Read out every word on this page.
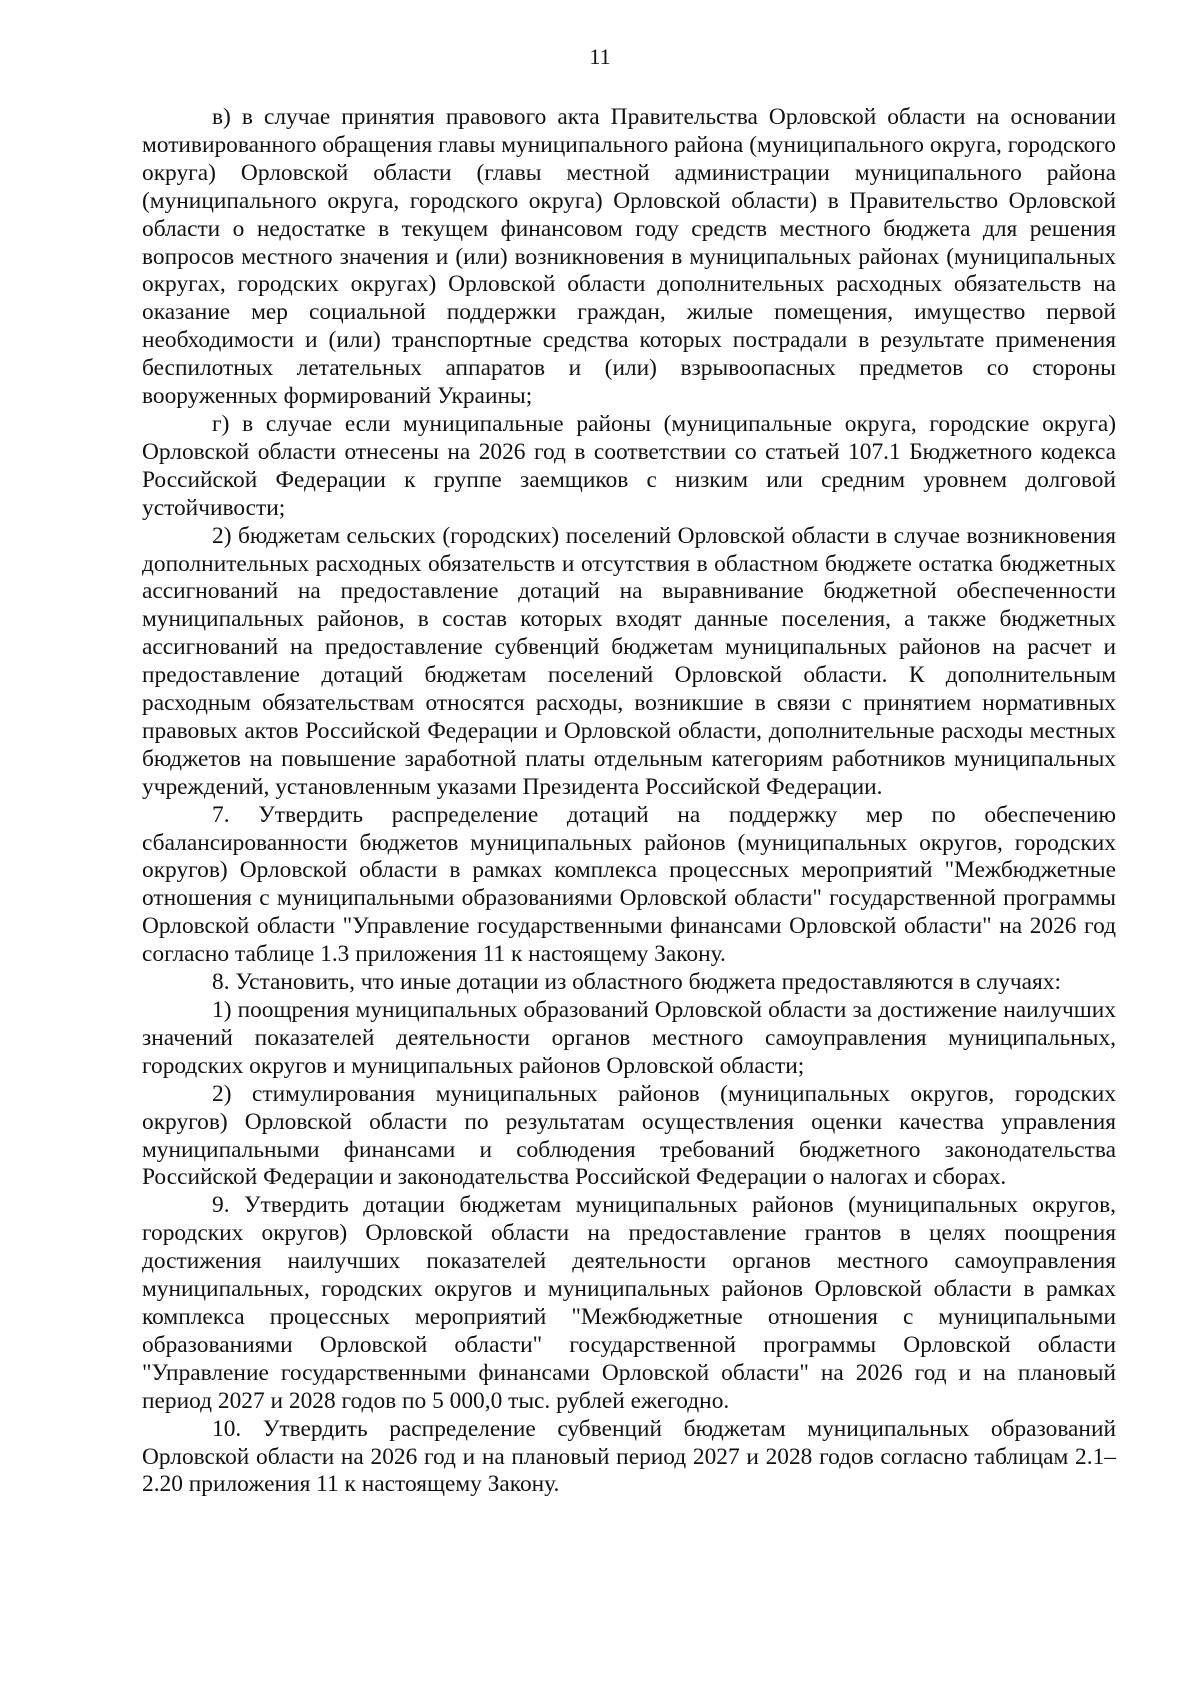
11

в) в случае принятия правового акта Правительства Орловской области на основании мотивированного обращения главы муниципального района (муниципального округа, городского округа) Орловской области (главы местной администрации муниципального района (муниципального округа, городского округа) Орловской области) в Правительство Орловской области о недостатке в текущем финансовом году средств местного бюджета для решения вопросов местного значения и (или) возникновения в муниципальных районах (муниципальных округах, городских округах) Орловской области дополнительных расходных обязательств на оказание мер социальной поддержки граждан, жилые помещения, имущество первой необходимости и (или) транспортные средства которых пострадали в результате применения беспилотных летательных аппаратов и (или) взрывоопасных предметов со стороны вооруженных формирований Украины;

г) в случае если муниципальные районы (муниципальные округа, городские округа) Орловской области отнесены на 2026 год в соответствии со статьей 107.1 Бюджетного кодекса Российской Федерации к группе заемщиков с низким или средним уровнем долговой устойчивости;

2) бюджетам сельских (городских) поселений Орловской области в случае возникновения дополнительных расходных обязательств и отсутствия в областном бюджете остатка бюджетных ассигнований на предоставление дотаций на выравнивание бюджетной обеспеченности муниципальных районов, в состав которых входят данные поселения, а также бюджетных ассигнований на предоставление субвенций бюджетам муниципальных районов на расчет и предоставление дотаций бюджетам поселений Орловской области. К дополнительным расходным обязательствам относятся расходы, возникшие в связи с принятием нормативных правовых актов Российской Федерации и Орловской области, дополнительные расходы местных бюджетов на повышение заработной платы отдельным категориям работников муниципальных учреждений, установленным указами Президента Российской Федерации.

7. Утвердить распределение дотаций на поддержку мер по обеспечению сбалансированности бюджетов муниципальных районов (муниципальных округов, городских округов) Орловской области в рамках комплекса процессных мероприятий "Межбюджетные отношения с муниципальными образованиями Орловской области" государственной программы Орловской области "Управление государственными финансами Орловской области" на 2026 год согласно таблице 1.3 приложения 11 к настоящему Закону.

8. Установить, что иные дотации из областного бюджета предоставляются в случаях:

1) поощрения муниципальных образований Орловской области за достижение наилучших значений показателей деятельности органов местного самоуправления муниципальных, городских округов и муниципальных районов Орловской области;

2) стимулирования муниципальных районов (муниципальных округов, городских округов) Орловской области по результатам осуществления оценки качества управления муниципальными финансами и соблюдения требований бюджетного законодательства Российской Федерации и законодательства Российской Федерации о налогах и сборах.

9. Утвердить дотации бюджетам муниципальных районов (муниципальных округов, городских округов) Орловской области на предоставление грантов в целях поощрения достижения наилучших показателей деятельности органов местного самоуправления муниципальных, городских округов и муниципальных районов Орловской области в рамках комплекса процессных мероприятий "Межбюджетные отношения с муниципальными образованиями Орловской области" государственной программы Орловской области "Управление государственными финансами Орловской области" на 2026 год и на плановый период 2027 и 2028 годов по 5 000,0 тыс. рублей ежегодно.

10. Утвердить распределение субвенций бюджетам муниципальных образований Орловской области на 2026 год и на плановый период 2027 и 2028 годов согласно таблицам 2.1–2.20 приложения 11 к настоящему Закону.
